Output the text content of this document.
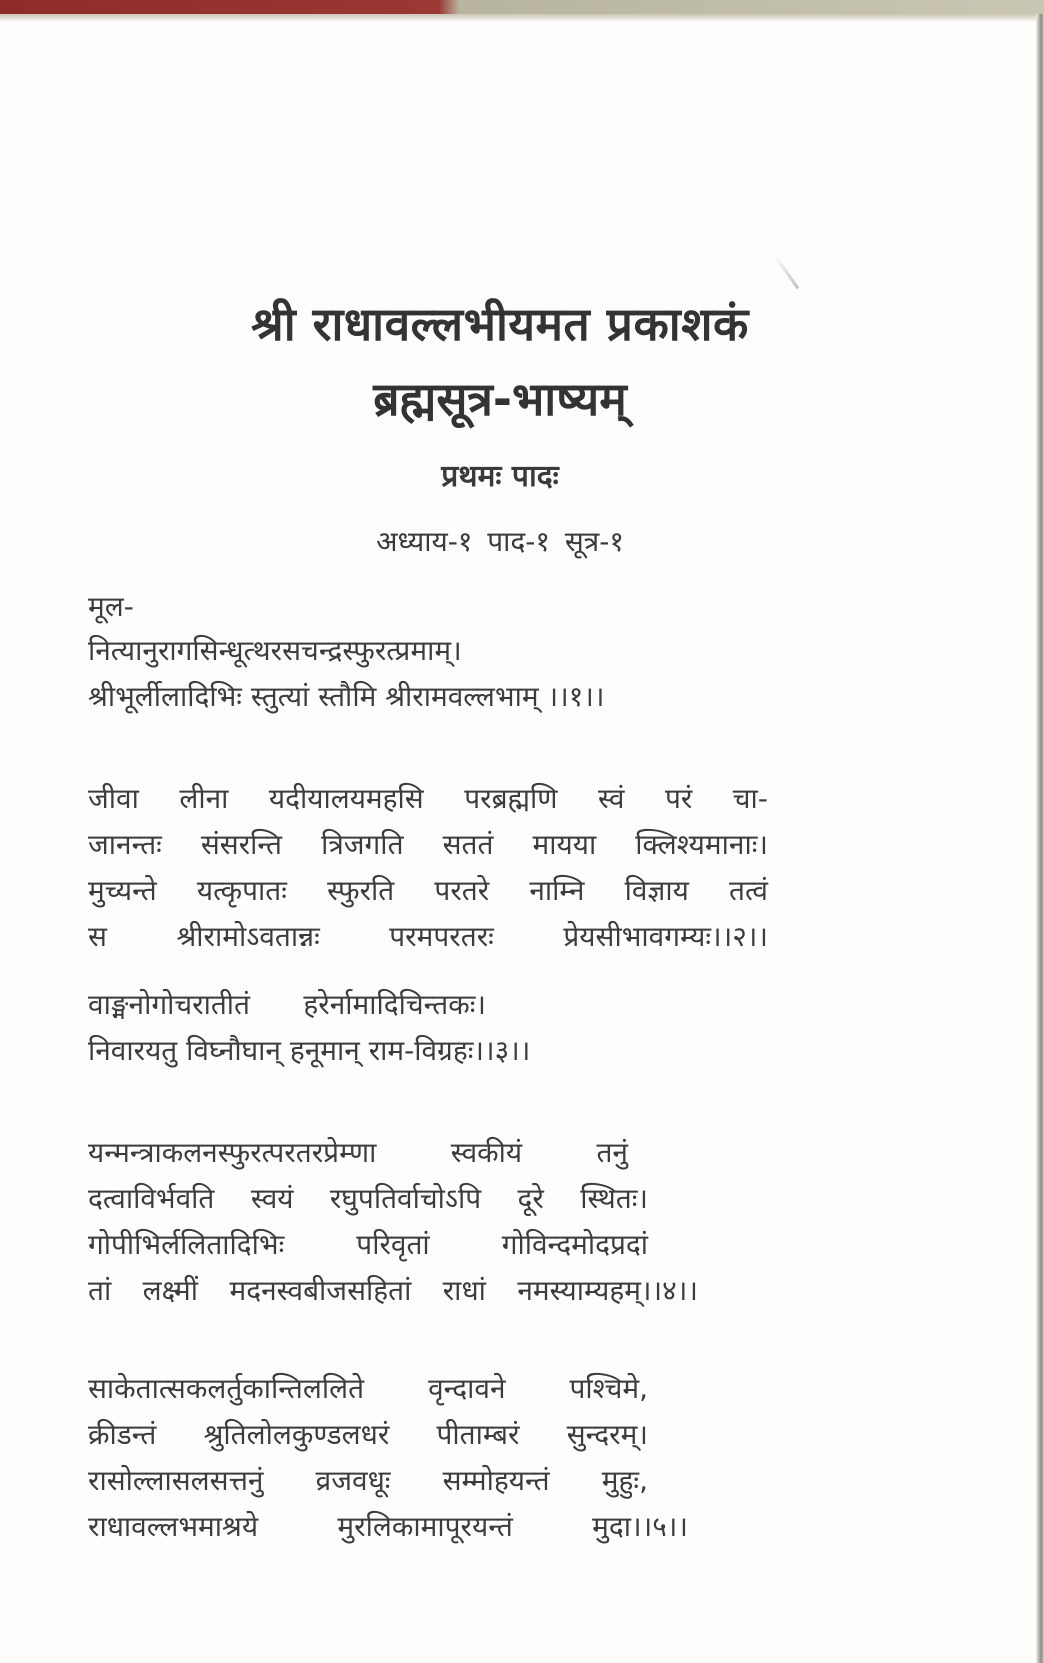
श्री राधावल्लभीयमत प्रकाशकं
ब्रह्मसूत्र-भाष्यम्
प्रथमः पादः
अध्याय-१ पाद-१ सूत्र-१
मूल-
नित्यानुरागसिन्धूत्थरसचन्द्रस्फुरत्प्रमाम्।
श्रीभूर्लीलादिभिः स्तुत्यां स्तौमि श्रीरामवल्लभाम् ।।१।।
जीवा लीना यदीयालयमहसि परब्रह्मणि स्वं परं चा-
जानन्तः संसरन्ति त्रिजगति सततं मायया क्लिश्यमानाः।
मुच्यन्ते यत्कृपातः स्फुरति परतरे नाम्नि विज्ञाय तत्वं
स श्रीरामोऽवतान्नः परमपरतरः प्रेयसीभावगम्यः।।२।।
वाङ्मनोगोचरातीतं      हरेर्नामादिचिन्तकः।
निवारयतु विघ्नौघान् हनूमान् राम-विग्रहः।।३।।
यन्मन्त्राकलनस्फुरत्परतरप्रेम्णा	स्वकीयं	तनुं
दत्वाविर्भवति स्वयं रघुपतिर्वाचोऽपि दूरे स्थितः।
गोपीभिर्ललितादिभिः	परिवृतां	गोविन्दमोदप्रदां
तां लक्ष्मीं मदनस्वबीजसहितां राधां नमस्याम्यहम्।।४।।
साकेतात्सकलर्तुकान्तिललिते वृन्दावने पश्चिमे,
क्रीडन्तं श्रुतिलोलकुण्डलधरं पीताम्बरं सुन्दरम्।
रासोल्लासलसत्तनुं व्रजवधूः सम्मोहयन्तं मुहुः,
राधावल्लभमाश्रये	मुरलिकामापूरयन्तं	मुदा।।५।।
